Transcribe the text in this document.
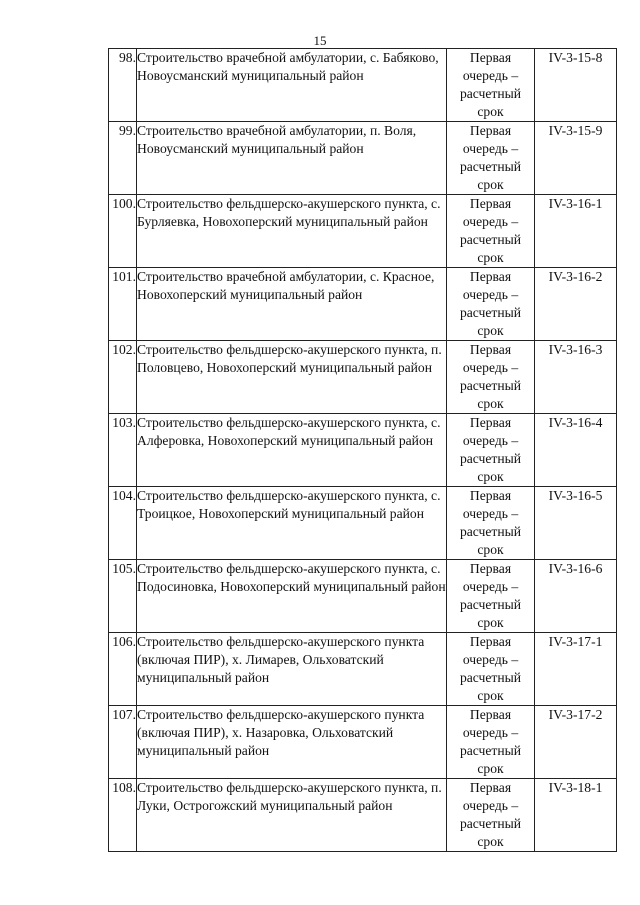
15
98.	Строительство врачебной амбулатории, с. Бабяково, Новоусманский муниципальный район	Первая
очередь –
расчетный
срок	IV-3-15-8
99.	Строительство врачебной амбулатории, п. Воля, Новоусманский муниципальный район	Первая
очередь –
расчетный
срок	IV-3-15-9
100.	Строительство фельдшерско-акушерского пункта, с. Бурляевка, Новохоперский муниципальный район	Первая
очередь –
расчетный
срок	IV-3-16-1
101.	Строительство врачебной амбулатории, с. Красное, Новохоперский муниципальный район	Первая
очередь –
расчетный
срок	IV-3-16-2
102.	Строительство фельдшерско-акушерского пункта, п. Половцево, Новохоперский муниципальный район	Первая
очередь –
расчетный
срок	IV-3-16-3
103.	Строительство фельдшерско-акушерского пункта, с. Алферовка, Новохоперский муниципальный район	Первая
очередь –
расчетный
срок	IV-3-16-4
104.	Строительство фельдшерско-акушерского пункта, с. Троицкое, Новохоперский муниципальный район	Первая
очередь –
расчетный
срок	IV-3-16-5
105.	Строительство фельдшерско-акушерского пункта, с. Подосиновка, Новохоперский муниципальный район	Первая
очередь –
расчетный
срок	IV-3-16-6
106.	Строительство фельдшерско-акушерского пункта (включая ПИР), х. Лимарев, Ольховатский муниципальный район	Первая
очередь –
расчетный
срок	IV-3-17-1
107.	Строительство фельдшерско-акушерского пункта (включая ПИР), х. Назаровка, Ольховатский муниципальный район	Первая
очередь –
расчетный
срок	IV-3-17-2
108.	Строительство фельдшерско-акушерского пункта, п. Луки, Острогожский муниципальный район	Первая
очередь –
расчетный
срок	IV-3-18-1
